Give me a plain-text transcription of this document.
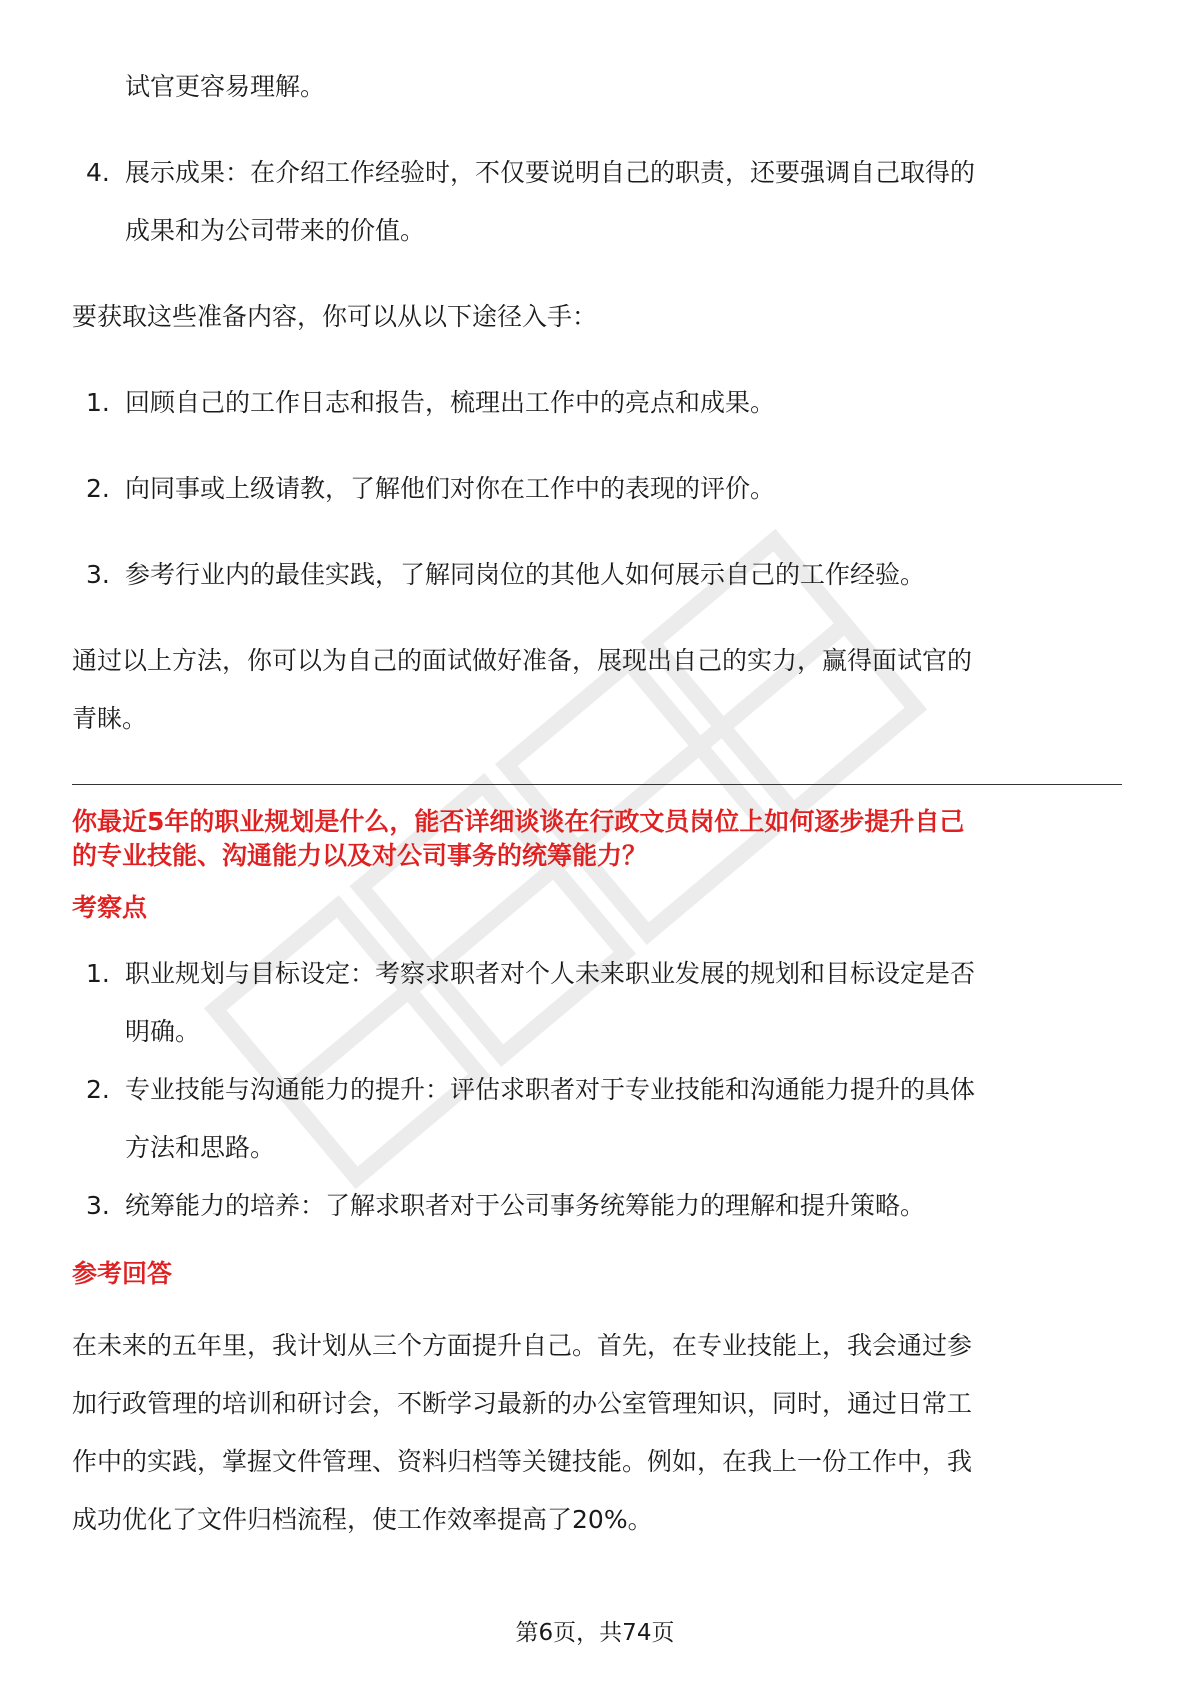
试官更容易理解。
4. 展示成果：在介绍工作经验时，不仅要说明自己的职责，还要强调自己取得的
成果和为公司带来的价值。

要获取这些准备内容，你可以从以下途径入手：

1. 回顾自己的工作日志和报告，梳理出工作中的亮点和成果。
2. 向同事或上级请教，了解他们对你在工作中的表现的评价。
3. 参考行业内的最佳实践，了解同岗位的其他人如何展示自己的工作经验。

通过以上方法，你可以为自己的面试做好准备，展现出自己的实力，赢得面试官的
青睐。

你最近5年的职业规划是什么，能否详细谈谈在行政文员岗位上如何逐步提升自己
的专业技能、沟通能力以及对公司事务的统筹能力？

考察点

1. 职业规划与目标设定：考察求职者对个人未来职业发展的规划和目标设定是否
明确。
2. 专业技能与沟通能力的提升：评估求职者对于专业技能和沟通能力提升的具体
方法和思路。
3. 统筹能力的培养：了解求职者对于公司事务统筹能力的理解和提升策略。

参考回答

在未来的五年里，我计划从三个方面提升自己。首先，在专业技能上，我会通过参
加行政管理的培训和研讨会，不断学习最新的办公室管理知识，同时，通过日常工
作中的实践，掌握文件管理、资料归档等关键技能。例如，在我上一份工作中，我
成功优化了文件归档流程，使工作效率提高了20%。

第6页，共74页
